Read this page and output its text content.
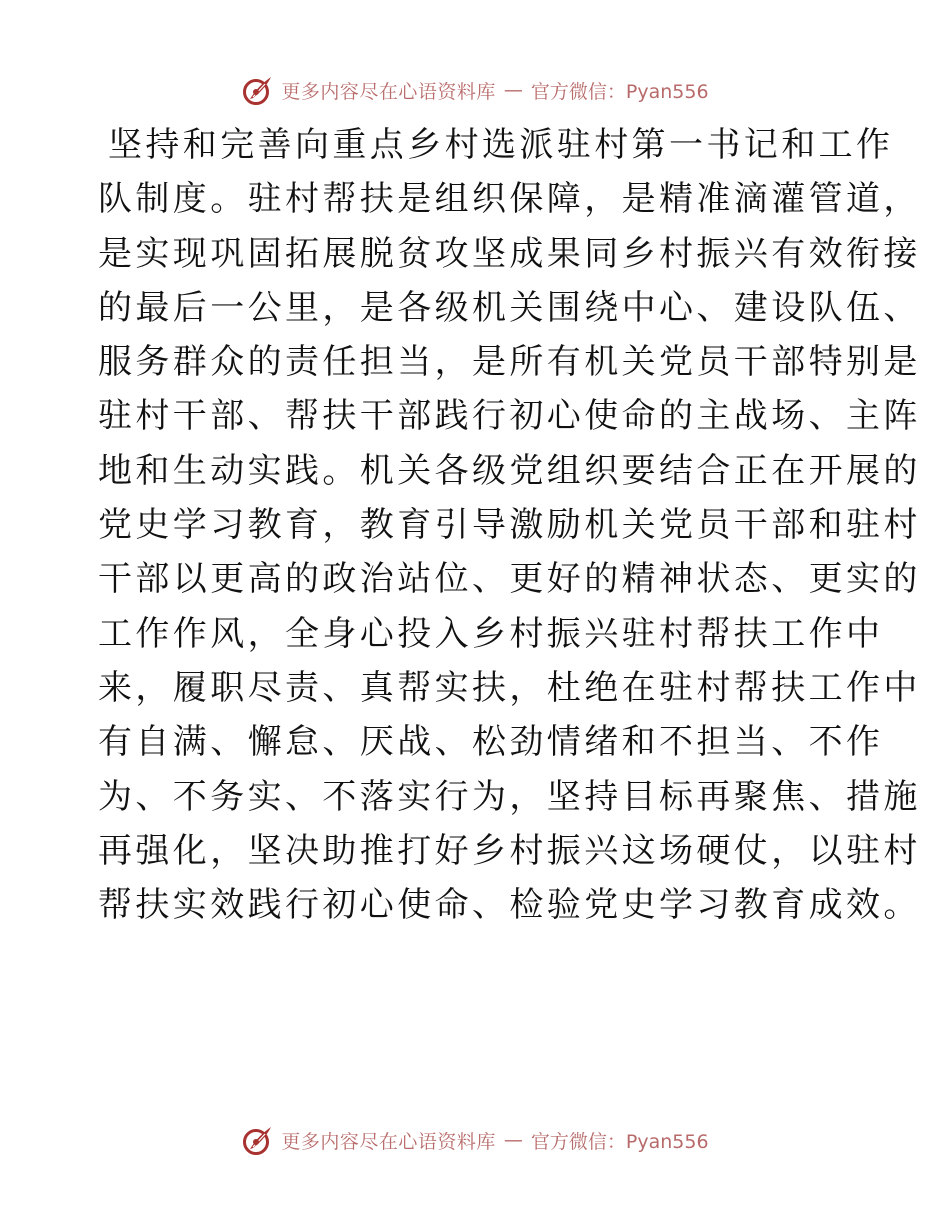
更多内容尽在心语资料库 — 官方微信：Pyan556
坚持和完善向重点乡村选派驻村第一书记和工作
队制度。驻村帮扶是组织保障，是精准滴灌管道，
是实现巩固拓展脱贫攻坚成果同乡村振兴有效衔接
的最后一公里，是各级机关围绕中心、建设队伍、
服务群众的责任担当，是所有机关党员干部特别是
驻村干部、帮扶干部践行初心使命的主战场、主阵
地和生动实践。机关各级党组织要结合正在开展的
党史学习教育，教育引导激励机关党员干部和驻村
干部以更高的政治站位、更好的精神状态、更实的
工作作风，全身心投入乡村振兴驻村帮扶工作中
来，履职尽责、真帮实扶，杜绝在驻村帮扶工作中
有自满、懈怠、厌战、松劲情绪和不担当、不作
为、不务实、不落实行为，坚持目标再聚焦、措施
再强化，坚决助推打好乡村振兴这场硬仗，以驻村
帮扶实效践行初心使命、检验党史学习教育成效。
更多内容尽在心语资料库 — 官方微信：Pyan556
